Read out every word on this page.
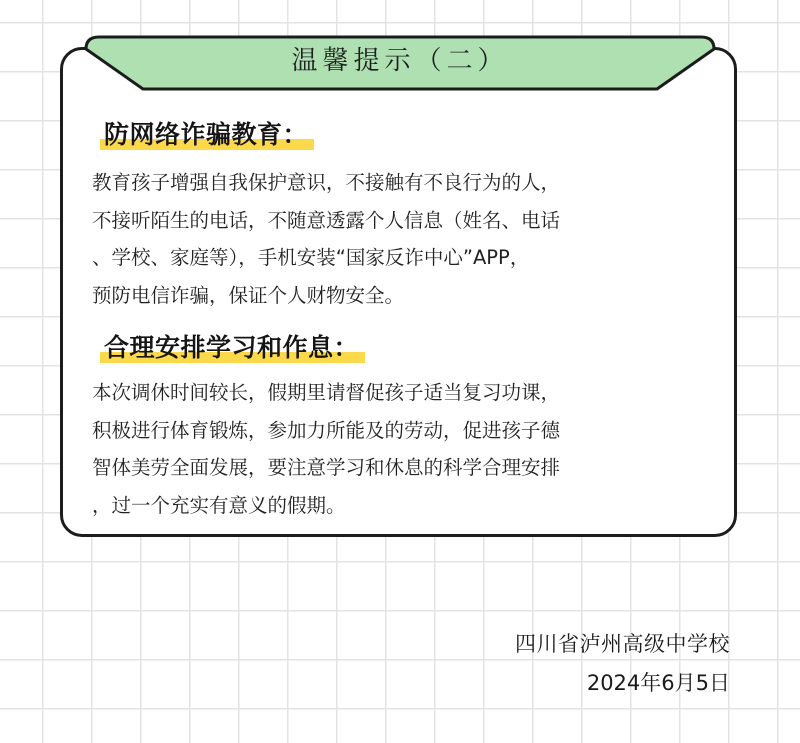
温馨提示（二）
防网络诈骗教育：

教育孩子增强自我保护意识，不接触有不良行为的人，

不接听陌生的电话，不随意透露个人信息（姓名、电话

、学校、家庭等），手机安装“国家反诈中心”APP，

预防电信诈骗，保证个人财物安全。

合理安排学习和作息：

本次调休时间较长，假期里请督促孩子适当复习功课，

积极进行体育锻炼，参加力所能及的劳动，促进孩子德

智体美劳全面发展，要注意学习和休息的科学合理安排

，过一个充实有意义的假期。

四川省泸州高级中学校
2024年6月5日
